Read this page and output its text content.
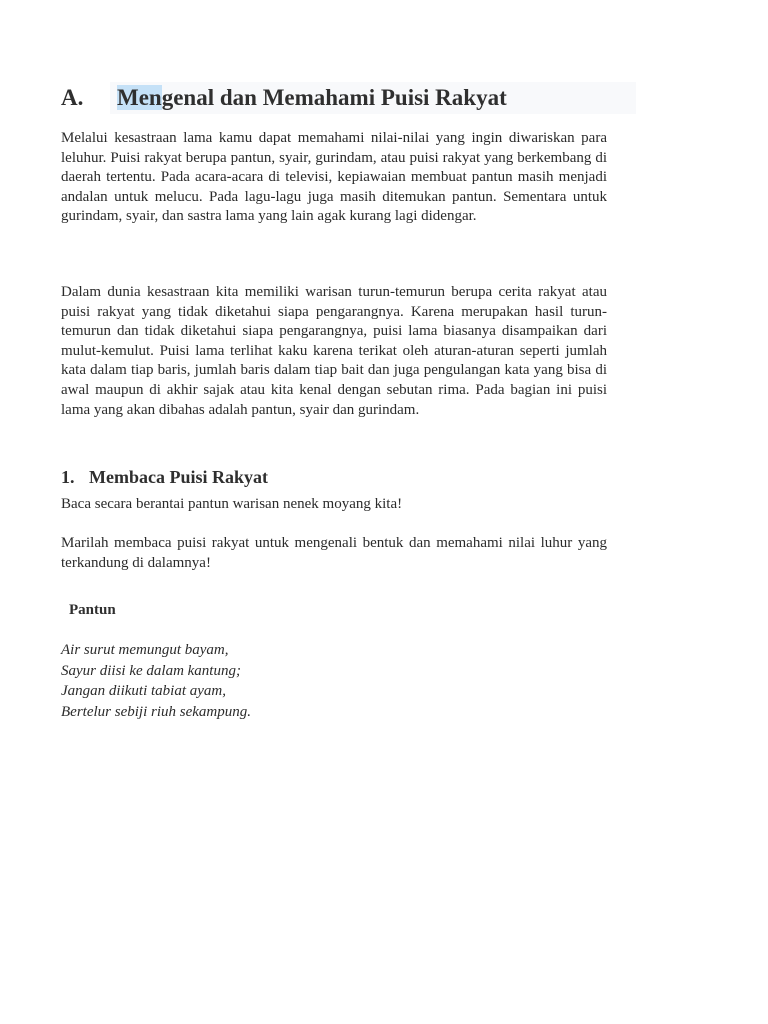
A. Mengenal dan Memahami Puisi Rakyat
Melalui kesastraan lama kamu dapat memahami nilai-nilai yang ingin diwariskan para leluhur. Puisi rakyat berupa pantun, syair, gurindam, atau puisi rakyat yang berkembang di daerah tertentu. Pada acara-acara di televisi, kepiawaian membuat pantun masih menjadi andalan untuk melucu. Pada lagu-lagu juga masih ditemukan pantun. Sementara untuk gurindam, syair, dan sastra lama yang lain agak kurang lagi didengar.
Dalam dunia kesastraan kita memiliki warisan turun-temurun berupa cerita rakyat atau puisi rakyat yang tidak diketahui siapa pengarangnya. Karena merupakan hasil turun-temurun dan tidak diketahui siapa pengarangnya, puisi lama biasanya disampaikan dari mulut-kemulut. Puisi lama terlihat kaku karena terikat oleh aturan-aturan seperti jumlah kata dalam tiap baris, jumlah baris dalam tiap bait dan juga pengulangan kata yang bisa di awal maupun di akhir sajak atau kita kenal dengan sebutan rima. Pada bagian ini puisi lama yang akan dibahas adalah pantun, syair dan gurindam.
1. Membaca Puisi Rakyat
Baca secara berantai pantun warisan nenek moyang kita!
Marilah membaca puisi rakyat untuk mengenali bentuk dan memahami nilai luhur yang terkandung di dalamnya!
Pantun
Air surut memungut bayam,
Sayur diisi ke dalam kantung;
Jangan diikuti tabiat ayam,
Bertelur sebiji riuh sekampung.
